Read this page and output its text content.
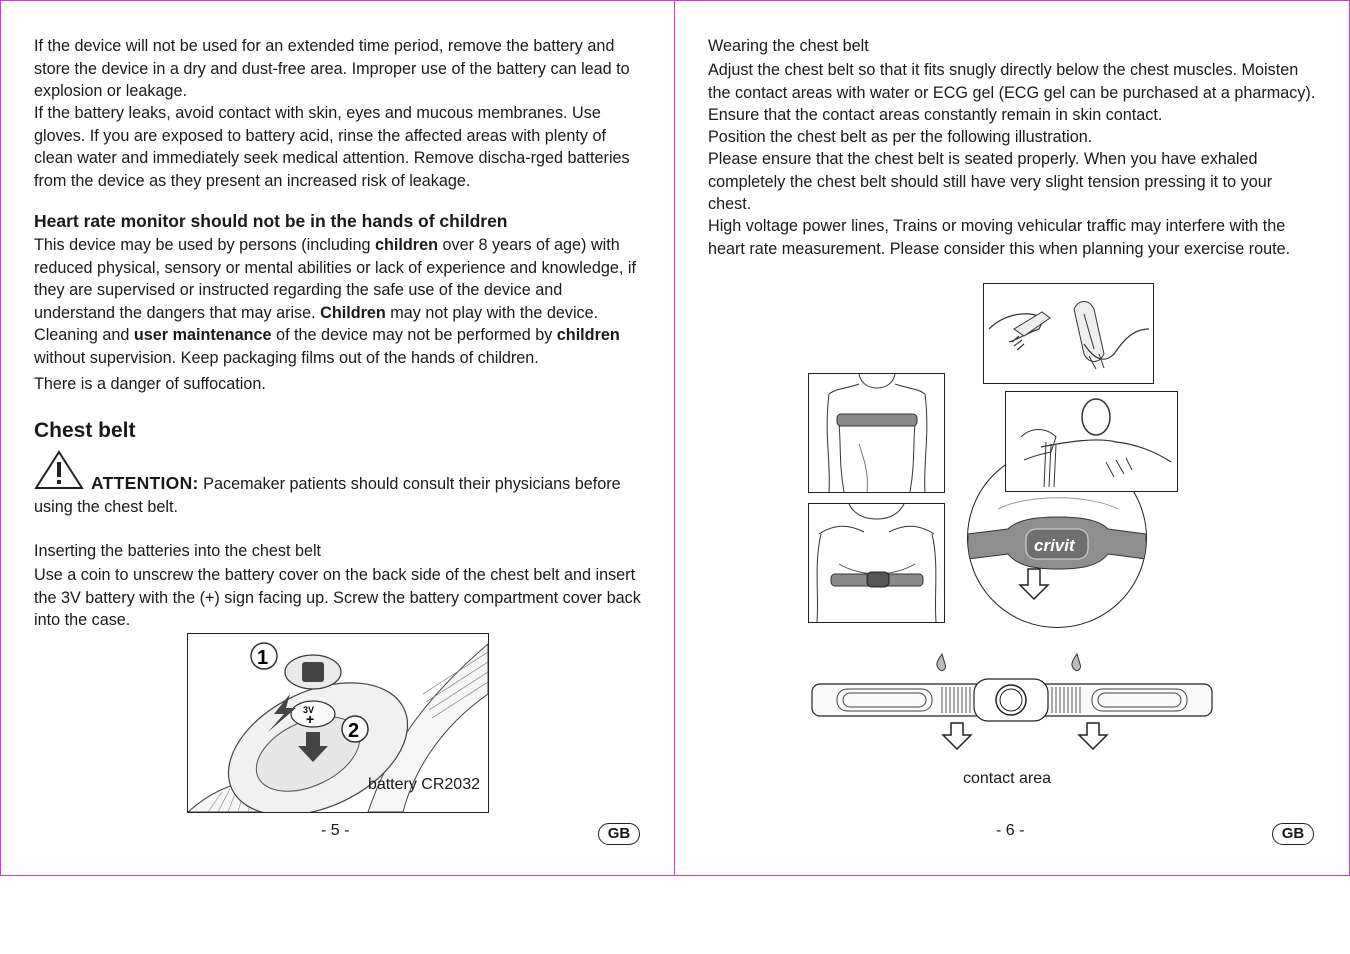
If the device will not be used for an extended time period, remove the battery and store the device in a dry and dust-free area. Improper use of the battery can lead to explosion or leakage.

If the battery leaks, avoid contact with skin, eyes and mucous membranes. Use gloves. If you are exposed to battery acid, rinse the affected areas with plenty of clean water and immediately seek medical attention. Remove discha-rged batteries from the device as they present an increased risk of leakage.

Heart rate monitor should not be in the hands of children

This device may be used by persons (including children over 8 years of age) with reduced physical, sensory or mental abilities or lack of experience and knowledge, if they are supervised or instructed regarding the safe use of the device and understand the dangers that may arise. Children may not play with the device. Cleaning and user maintenance of the device may not be performed by children without supervision. Keep packaging films out of the hands of children.

There is a danger of suffocation.

Chest belt

ATTENTION: Pacemaker patients should consult their physicians before using the chest belt.

Inserting the batteries into the chest belt

Use a coin to unscrew the battery cover on the back side of the chest belt and insert the 3V battery with the (+) sign facing up. Screw the battery compartment cover back into the case.

3V
+
1
2
battery CR2032
- 5 -	GB

Wearing the chest belt

Adjust the chest belt so that it fits snugly directly below the chest muscles. Moisten the contact areas with water or ECG gel (ECG gel can be purchased at a pharmacy). Ensure that the contact areas constantly remain in skin contact.

Position the chest belt as per the following illustration.

Please ensure that the chest belt is seated properly. When you have exhaled completely the chest belt should still have very slight tension pressing it to your chest.

High voltage power lines, Trains or moving vehicular traffic may interfere with the heart rate measurement. Please consider this when planning your exercise route.

crivit
contact area
- 6 -	GB
